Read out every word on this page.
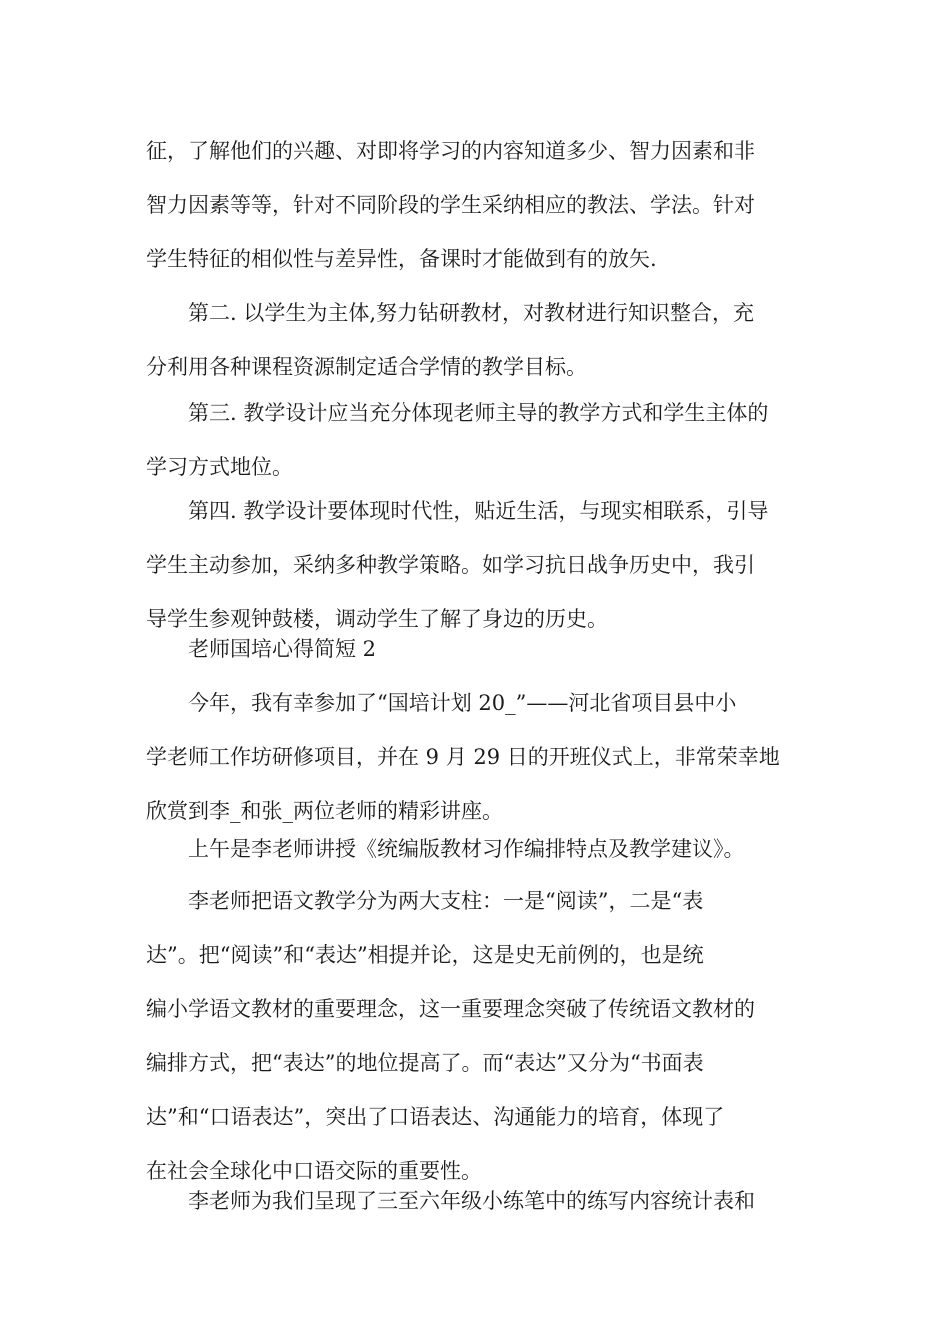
征，了解他们的兴趣、对即将学习的内容知道多少、智力因素和非
智力因素等等，针对不同阶段的学生采纳相应的教法、学法。针对
学生特征的相似性与差异性，备课时才能做到有的放矢.
第二. 以学生为主体,努力钻研教材，对教材进行知识整合，充
分利用各种课程资源制定适合学情的教学目标。
第三. 教学设计应当充分体现老师主导的教学方式和学生主体的
学习方式地位。
第四. 教学设计要体现时代性，贴近生活，与现实相联系，引导
学生主动参加，采纳多种教学策略。如学习抗日战争历史中，我引
导学生参观钟鼓楼，调动学生了解了身边的历史。
老师国培心得简短 2
今年，我有幸参加了“国培计划 20_”——河北省项目县中小
学老师工作坊研修项目，并在 9 月 29 日的开班仪式上，非常荣幸地
欣赏到李_和张_两位老师的精彩讲座。
上午是李老师讲授《统编版教材习作编排特点及教学建议》。
李老师把语文教学分为两大支柱：一是“阅读”，二是“表
达”。把“阅读”和“表达”相提并论，这是史无前例的，也是统
编小学语文教材的重要理念，这一重要理念突破了传统语文教材的
编排方式，把“表达”的地位提高了。而“表达”又分为“书面表
达”和“口语表达”，突出了口语表达、沟通能力的培育，体现了
在社会全球化中口语交际的重要性。
李老师为我们呈现了三至六年级小练笔中的练写内容统计表和
